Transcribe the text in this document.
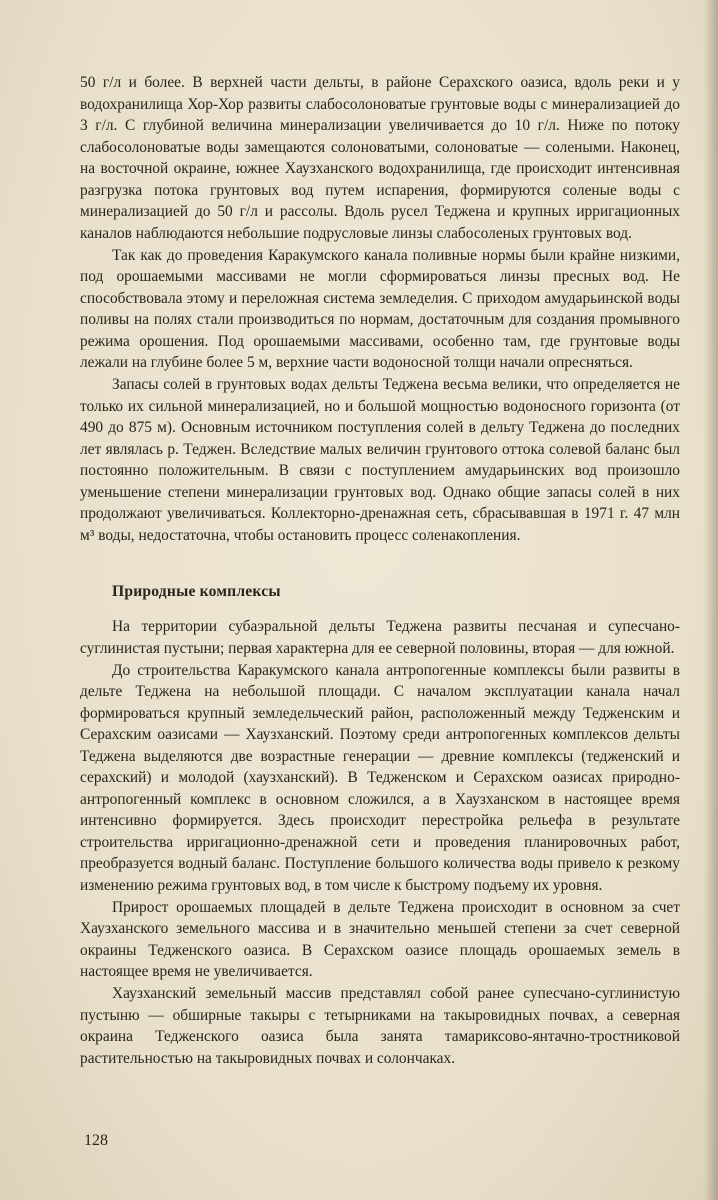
50 г/л и более. В верхней части дельты, в районе Серахского оазиса, вдоль реки и у водохранилища Хор-Хор развиты слабосолоноватые грунтовые воды с минерализацией до 3 г/л. С глубиной величина минерализации увеличивается до 10 г/л. Ниже по потоку слабосолоноватые воды замещаются солоноватыми, солоноватые — солеными. Наконец, на восточной окраине, южнее Хаузханского водохранилища, где происходит интенсивная разгрузка потока грунтовых вод путем испарения, формируются соленые воды с минерализацией до 50 г/л и рассолы. Вдоль русел Теджена и крупных ирригационных каналов наблюдаются небольшие подрусловые линзы слабосоленых грунтовых вод.

Так как до проведения Каракумского канала поливные нормы были крайне низкими, под орошаемыми массивами не могли сформироваться линзы пресных вод. Не способствовала этому и переложная система земледелия. С приходом амударьинской воды поливы на полях стали производиться по нормам, достаточным для создания промывного режима орошения. Под орошаемыми массивами, особенно там, где грунтовые воды лежали на глубине более 5 м, верхние части водоносной толщи начали опресняться.

Запасы солей в грунтовых водах дельты Теджена весьма велики, что определяется не только их сильной минерализацией, но и большой мощностью водоносного горизонта (от 490 до 875 м). Основным источником поступления солей в дельту Теджена до последних лет являлась р. Теджен. Вследствие малых величин грунтового оттока солевой баланс был постоянно положительным. В связи с поступлением амударьинских вод произошло уменьшение степени минерализации грунтовых вод. Однако общие запасы солей в них продолжают увеличиваться. Коллекторно-дренажная сеть, сбрасывавшая в 1971 г. 47 млн м³ воды, недостаточна, чтобы остановить процесс соленакопления.

Природные комплексы

На территории субаэральной дельты Теджена развиты песчаная и супесчано-суглинистая пустыни; первая характерна для ее северной половины, вторая — для южной.

До строительства Каракумского канала антропогенные комплексы были развиты в дельте Теджена на небольшой площади. С началом эксплуатации канала начал формироваться крупный земледельческий район, расположенный между Тедженским и Серахским оазисами — Хаузханский. Поэтому среди антропогенных комплексов дельты Теджена выделяются две возрастные генерации — древние комплексы (тедженский и серахский) и молодой (хаузханский). В Тедженском и Серахском оазисах природно-антропогенный комплекс в основном сложился, а в Хаузханском в настоящее время интенсивно формируется. Здесь происходит перестройка рельефа в результате строительства ирригационно-дренажной сети и проведения планировочных работ, преобразуется водный баланс. Поступление большого количества воды привело к резкому изменению режима грунтовых вод, в том числе к быстрому подъему их уровня.

Прирост орошаемых площадей в дельте Теджена происходит в основном за счет Хаузханского земельного массива и в значительно меньшей степени за счет северной окраины Тедженского оазиса. В Серахском оазисе площадь орошаемых земель в настоящее время не увеличивается.

Хаузханский земельный массив представлял собой ранее супесчано-суглинистую пустыню — обширные такыры с тетырниками на такыровидных почвах, а северная окраина Тедженского оазиса была занята тамариксово-янтачно-тростниковой растительностью на такыровидных почвах и солончаках.

128
